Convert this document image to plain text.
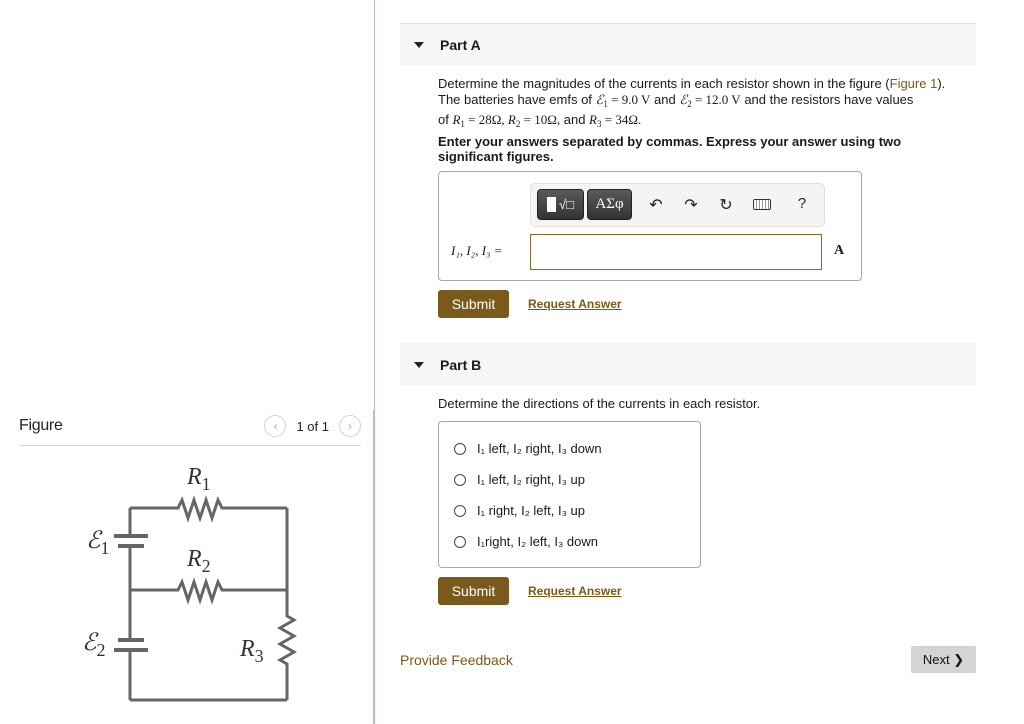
Figure	‹	1 of 1	›
$R_1$
$R_2$
$R_3$
ℰ$_1$
ℰ$_2$
Part A
Determine the magnitudes of the currents in each resistor shown in the figure (Figure 1).
The batteries have emfs of ℰ$_1$ = 9.0 V and ℰ$_2$ = 12.0 V and the resistors have values
of $R_1 = 28\Omega$, $R_2 = 10\Omega$, and $R_3 = 34\Omega$.
Enter your answers separated by commas. Express your answer using two significant figures.
√□	ΑΣφ	↶ ↷ ↻	?
I₁, I₂, I₃ =	A
Submit	Request Answer
Part B
Determine the directions of the currents in each resistor.
I₁ left, I₂ right, I₃ down
I₁ left, I₂ right, I₃ up
I₁ right, I₂ left, I₃ up
I₁right, I₂ left, I₃ down
Submit	Request Answer
Provide Feedback	Next ❯
